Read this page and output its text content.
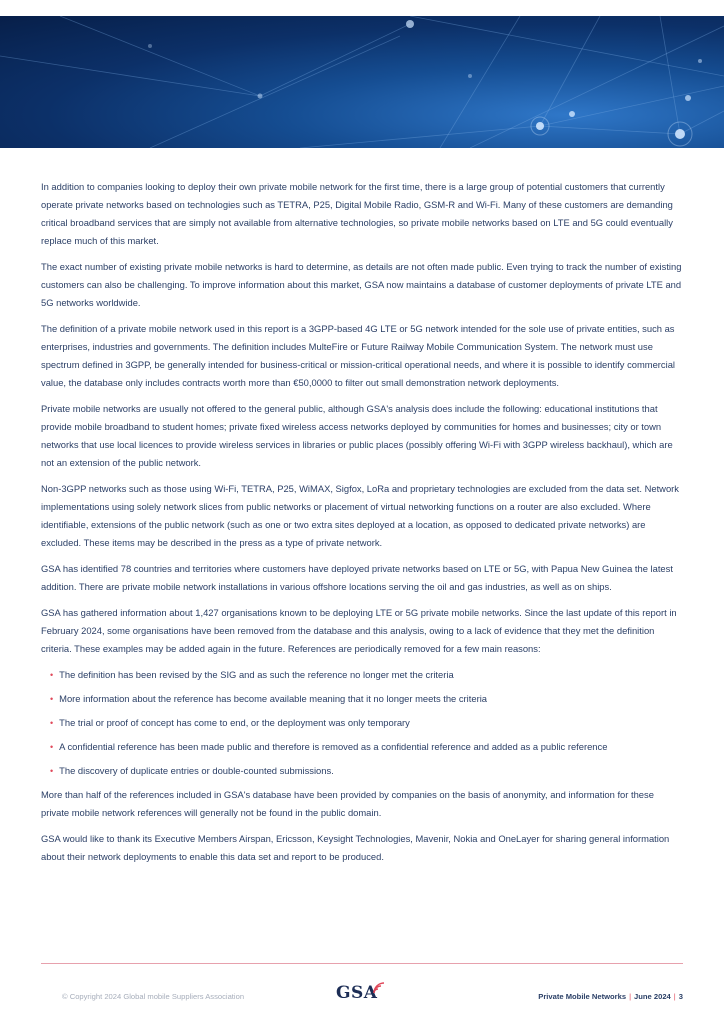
In addition to companies looking to deploy their own private mobile network for the first time, there is a large group of potential customers that currently operate private networks based on technologies such as TETRA, P25, Digital Mobile Radio, GSM-R and Wi-Fi. Many of these customers are demanding critical broadband services that are simply not available from alternative technologies, so private mobile networks based on LTE and 5G could eventually replace much of this market.

The exact number of existing private mobile networks is hard to determine, as details are not often made public. Even trying to track the number of existing customers can also be challenging. To improve information about this market, GSA now maintains a database of customer deployments of private LTE and 5G networks worldwide.

The definition of a private mobile network used in this report is a 3GPP-based 4G LTE or 5G network intended for the sole use of private entities, such as enterprises, industries and governments. The definition includes MulteFire or Future Railway Mobile Communication System. The network must use spectrum defined in 3GPP, be generally intended for business-critical or mission-critical operational needs, and where it is possible to identify commercial value, the database only includes contracts worth more than €50,0000 to filter out small demonstration network deployments.

Private mobile networks are usually not offered to the general public, although GSA's analysis does include the following: educational institutions that provide mobile broadband to student homes; private fixed wireless access networks deployed by communities for homes and businesses; city or town networks that use local licences to provide wireless services in libraries or public places (possibly offering Wi-Fi with 3GPP wireless backhaul), which are not an extension of the public network.

Non-3GPP networks such as those using Wi-Fi, TETRA, P25, WiMAX, Sigfox, LoRa and proprietary technologies are excluded from the data set. Network implementations using solely network slices from public networks or placement of virtual networking functions on a router are also excluded. Where identifiable, extensions of the public network (such as one or two extra sites deployed at a location, as opposed to dedicated private networks) are excluded. These items may be described in the press as a type of private network.

GSA has identified 78 countries and territories where customers have deployed private networks based on LTE or 5G, with Papua New Guinea the latest addition. There are private mobile network installations in various offshore locations serving the oil and gas industries, as well as on ships.

GSA has gathered information about 1,427 organisations known to be deploying LTE or 5G private mobile networks. Since the last update of this report in February 2024, some organisations have been removed from the database and this analysis, owing to a lack of evidence that they met the definition criteria. These examples may be added again in the future. References are periodically removed for a few main reasons:

• The definition has been revised by the SIG and as such the reference no longer met the criteria
• More information about the reference has become available meaning that it no longer meets the criteria
• The trial or proof of concept has come to end, or the deployment was only temporary
• A confidential reference has been made public and therefore is removed as a confidential reference and added as a public reference
• The discovery of duplicate entries or double-counted submissions.

More than half of the references included in GSA's database have been provided by companies on the basis of anonymity, and information for these private mobile network references will generally not be found in the public domain.

GSA would like to thank its Executive Members Airspan, Ericsson, Keysight Technologies, Mavenir, Nokia and OneLayer for sharing general information about their network deployments to enable this data set and report to be produced.

© Copyright 2024 Global mobile Suppliers Association	GSA	Private Mobile Networks | June 2024 | 3
